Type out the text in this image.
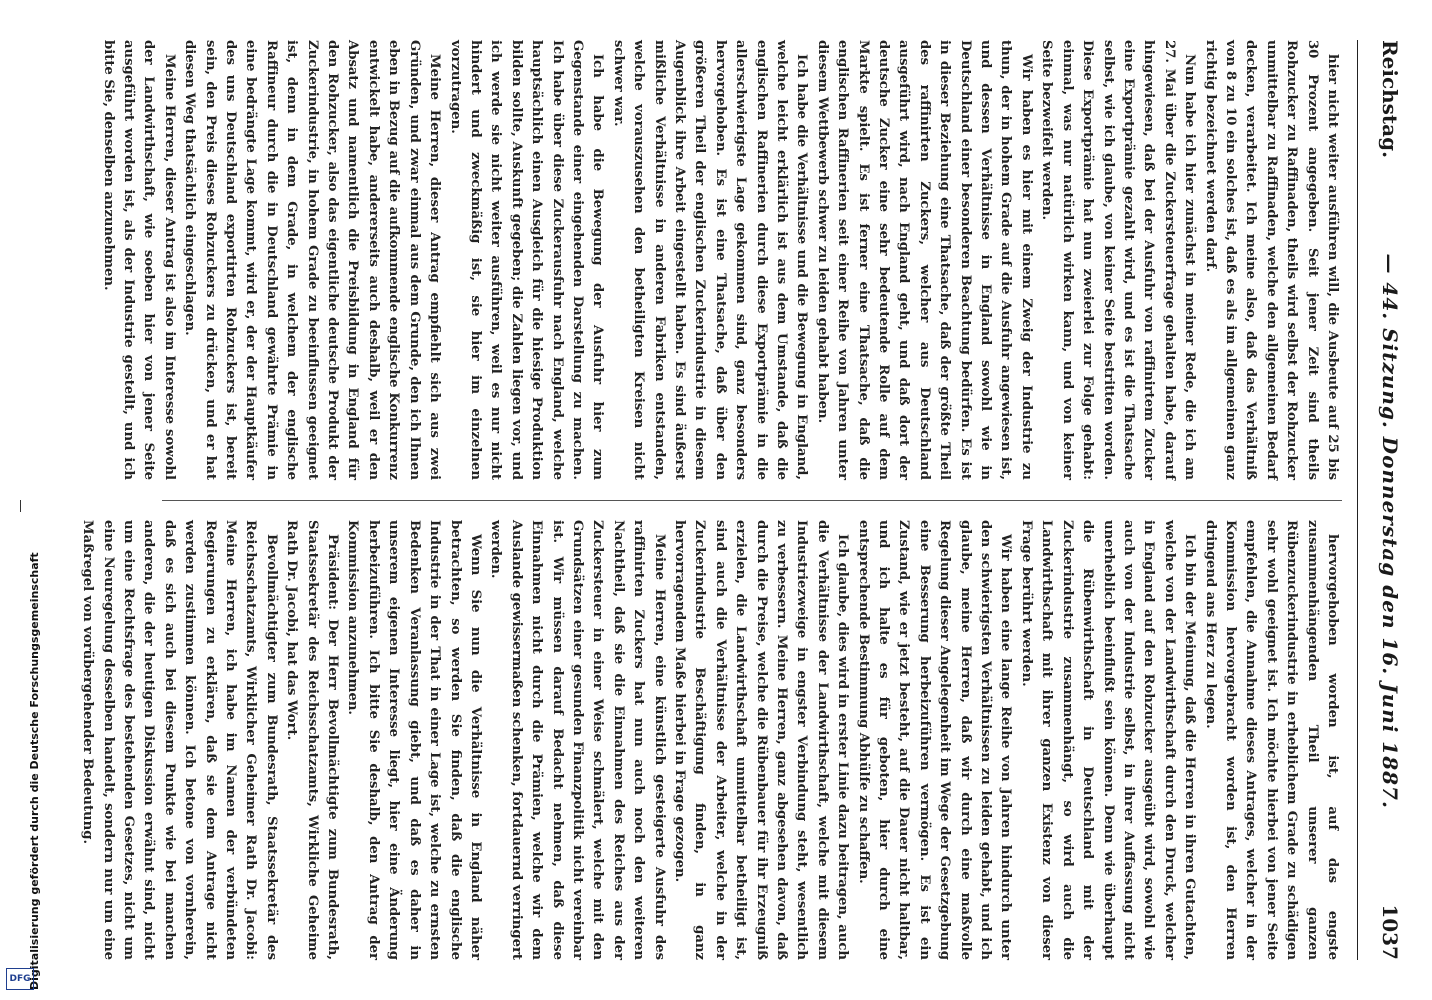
Reichstag.
— 44. Sitzung. Donnerstag den 16. Juni 1887.
1037

hier nicht weiter ausführen will, die Ausbeute auf 25 bis 30 Prozent angegeben. Seit jener Zeit sind theils Rohzucker zu Raffinaden, theils wird selbst der Rohzucker unmittelbar zu Raffinaden, welche den allgemeinen Bedarf decken, verarbeitet. Ich meine also, daß das Verhältniß von 8 zu 10 ein solches ist, daß es als im allgemeinen ganz richtig bezeichnet werden darf.

Nun habe ich hier zunächst in meiner Rede, die ich am 27. Mai über die Zuckersteuerfrage gehalten habe, darauf hingewiesen, daß bei der Ausfuhr von raffinirtem Zucker eine Exportprämie gezahlt wird, und es ist die Thatsache selbst, wie ich glaube, von keiner Seite bestritten worden. Diese Exportprämie hat nun zweierlei zur Folge gehabt: einmal, was nur natürlich wirken kann, und von keiner Seite bezweifelt werden.

Wir haben es hier mit einem Zweig der Industrie zu thun, der in hohem Grade auf die Ausfuhr angewiesen ist, und dessen Verhältnisse in England sowohl wie in Deutschland einer besonderen Beachtung bedürfen. Es ist in dieser Beziehung eine Thatsache, daß der größte Theil des raffinirten Zuckers, welcher aus Deutschland ausgeführt wird, nach England geht, und daß dort der deutsche Zucker eine sehr bedeutende Rolle auf dem Markte spielt. Es ist ferner eine Thatsache, daß die englischen Raffinerien seit einer Reihe von Jahren unter diesem Wettbewerb schwer zu leiden gehabt haben.

Ich habe die Verhältnisse und die Bewegung in England, welche leicht erklärlich ist aus dem Umstande, daß die englischen Raffinerien durch diese Exportprämie in die allerschwierigste Lage gekommen sind, ganz besonders hervorgehoben. Es ist eine Thatsache, daß über den größeren Theil der englischen Zuckerindustrie in diesem Augenblick ihre Arbeit eingestellt haben. Es sind äußerst mißliche Verhältnisse in anderen Fabriken entstanden, welche vorauszusehen den betheiligten Kreisen nicht schwer war.

Ich habe die Bewegung der Ausfuhr hier zum Gegenstande einer eingehenden Darstellung zu machen. Ich habe über diese Zuckerausfuhr nach England, welche hauptsächlich einen Ausgleich für die hiesige Produktion bilden sollte, Auskunft gegeben; die Zahlen liegen vor, und ich werde sie nicht weiter ausführen, weil es nur nicht hindert und zweckmäßig ist, sie hier im einzelnen vorzutragen.

Meine Herren, dieser Antrag empfiehlt sich aus zwei Gründen, und zwar einmal aus dem Grunde, den ich Ihnen eben in Bezug auf die aufkommende englische Konkurrenz entwickelt habe, andererseits auch deshalb, weil er den Absatz und namentlich die Preisbildung in England für den Rohzucker, also das eigentliche deutsche Produkt der Zuckerindustrie, in hohem Grade zu beeinflussen geeignet ist, denn in dem Grade, in welchem der englische Raffineur durch die in Deutschland gewährte Prämie in eine bedrängte Lage kommt, wird er, der der Hauptkäufer des uns Deutschland exportirten Rohzuckers ist, bereit sein, den Preis dieses Rohzuckers zu drücken, und er hat diesen Weg thatsächlich eingeschlagen.

Meine Herren, dieser Antrag ist also im Interesse sowohl der Landwirthschaft, wie soeben hier von jener Seite ausgeführt worden ist, als der Industrie gestellt, und ich bitte Sie, denselben anzunehmen.

hervorgehoben worden ist, auf das engste zusammenhängenden Theil unserer ganzen Rübenzuckerindustrie in erheblichem Grade zu schädigen sehr wohl geeignet ist. Ich möchte hierbei von jener Seite empfehlen, die Annahme dieses Antrages, welcher in der Kommission hervorgebracht worden ist, den Herren dringend ans Herz zu legen.

Ich bin der Meinung, daß die Herren in ihren Gutachten, welche von der Landwirthschaft durch den Druck, welcher in England auf den Rohzucker ausgeübt wird, sowohl wie auch von der Industrie selbst, in ihrer Auffassung nicht unerheblich beeinflußt sein können. Denn wie überhaupt die Rübenwirthschaft in Deutschland mit der Zuckerindustrie zusammenhängt, so wird auch die Landwirthschaft mit ihrer ganzen Existenz von dieser Frage berührt werden.

Wir haben eine lange Reihe von Jahren hindurch unter den schwierigsten Verhältnissen zu leiden gehabt, und ich glaube, meine Herren, daß wir durch eine maßvolle Regelung dieser Angelegenheit im Wege der Gesetzgebung eine Besserung herbeizuführen vermögen. Es ist ein Zustand, wie er jetzt besteht, auf die Dauer nicht haltbar, und ich halte es für geboten, hier durch eine entsprechende Bestimmung Abhülfe zu schaffen.

Ich glaube, dies wird in erster Linie dazu beitragen, auch die Verhältnisse der Landwirthschaft, welche mit diesem Industriezweige in engster Verbindung steht, wesentlich zu verbessern. Meine Herren, ganz abgesehen davon, daß durch die Preise, welche die Rübenbauer für ihr Erzeugniß erzielen, die Landwirthschaft unmittelbar betheiligt ist, sind auch die Verhältnisse der Arbeiter, welche in der Zuckerindustrie Beschäftigung finden, in ganz hervorragendem Maße hierbei in Frage gezogen.

Meine Herren, eine künstlich gesteigerte Ausfuhr des raffinirten Zuckers hat nun auch noch den weiteren Nachtheil, daß sie die Einnahmen des Reiches aus der Zuckersteuer in einer Weise schmälert, welche mit den Grundsätzen einer gesunden Finanzpolitik nicht vereinbar ist. Wir müssen darauf Bedacht nehmen, daß diese Einnahmen nicht durch die Prämien, welche wir dem Auslande gewissermaßen schenken, fortdauernd verringert werden.

Wenn Sie nun die Verhältnisse in England näher betrachten, so werden Sie finden, daß die englische Industrie in der That in einer Lage ist, welche zu ernsten Bedenken Veranlassung giebt, und daß es daher in unserem eigenen Interesse liegt, hier eine Änderung herbeizuführen. Ich bitte Sie deshalb, den Antrag der Kommission anzunehmen.

Präsident: Der Herr Bevollmächtigte zum Bundesrath, Staatssekretär des Reichsschatzamts, Wirkliche Geheime Rath Dr. Jacobi, hat das Wort.

Bevollmächtigter zum Bundesrath, Staatssekretär des Reichsschatzamts, Wirklicher Geheimer Rath Dr. Jacobi: Meine Herren, ich habe im Namen der verbündeten Regierungen zu erklären, daß sie dem Antrage nicht werden zustimmen können. Ich betone von vornherein, daß es sich auch bei diesem Punkte wie bei manchen anderen, die der heutigen Diskussion erwähnt sind, nicht um eine Rechtsfrage des bestehenden Gesetzes, nicht um eine Neuregelung desselben handelt, sondern nur um eine Maßregel von vorübergehender Bedeutung.

Digitalisierung gefördert durch die Deutsche Forschungsgemeinschaft
DFG
